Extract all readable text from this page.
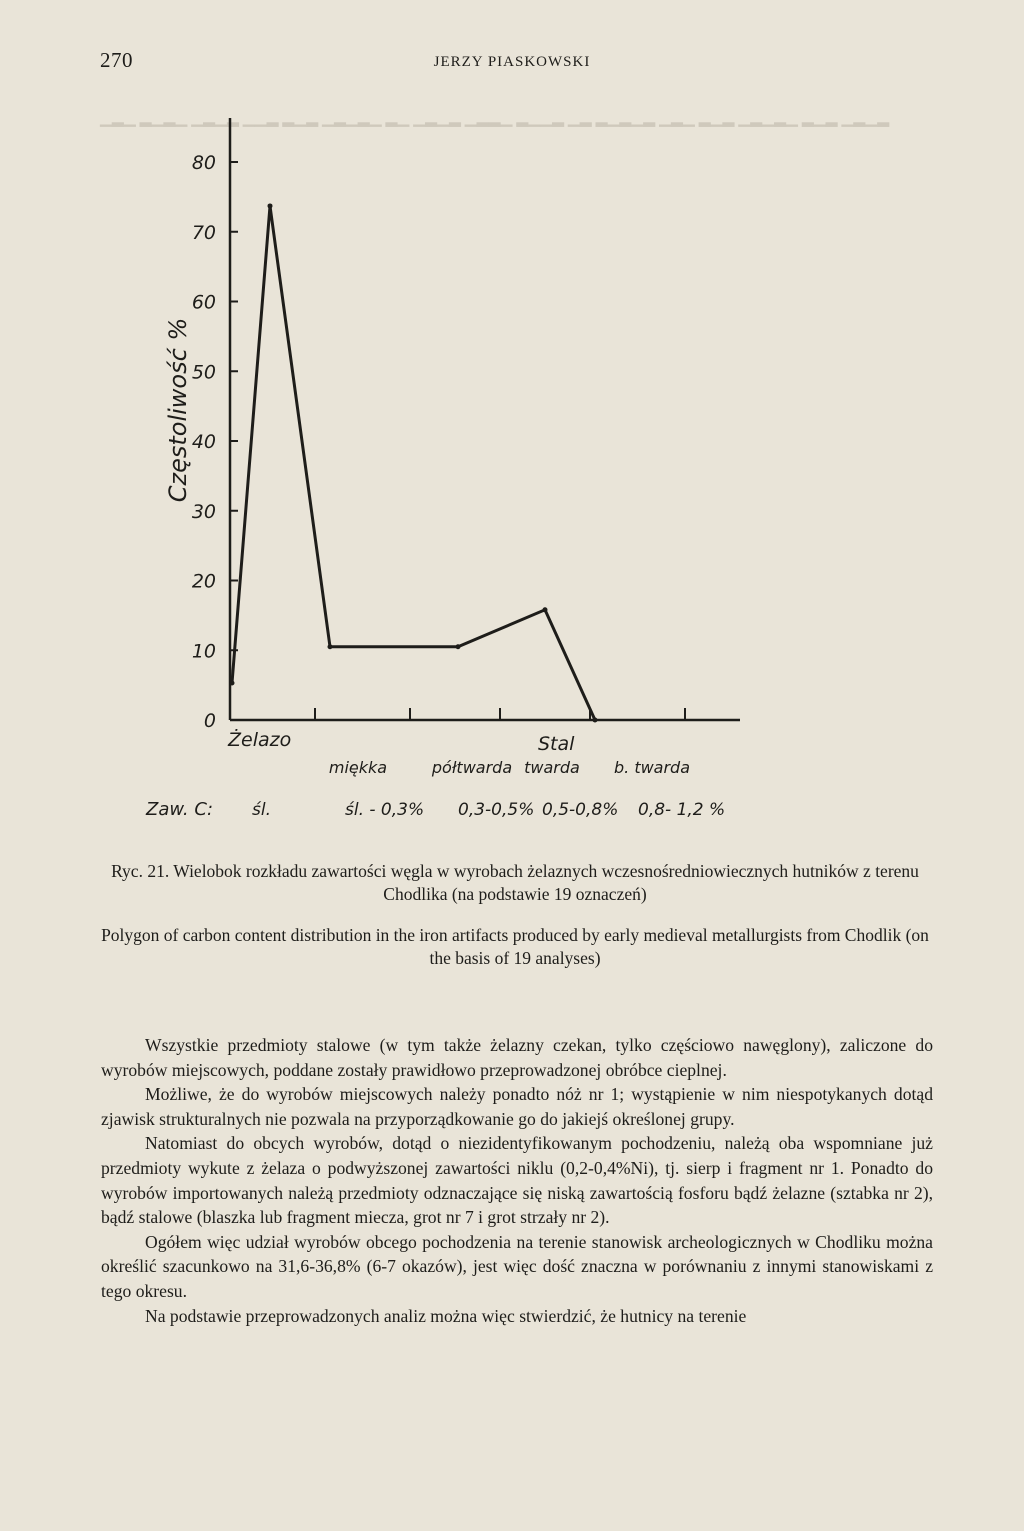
270	JERZY PIASKOWSKI

▁▂▁ ▂▁▂▁ ▁▂▁▂ ▁▁▂ ▂▁▂ ▁▂▁▂▁ ▂▁ ▁▂▁▂ ▁▂▂▁ ▂▁▁▂ ▁▂ ▂▁▂▁▂ ▁▂▁ ▂▁▂ ▁▂▁▂▁ ▂▁▂ ▁▂▁▂

80
70
60
50
40
30
20
10
0
Częstoliwość %
Żelazo	Stal
miękka	półtwarda twarda b. twarda
Zaw. C: śl.	śl. - 0,3% 0,3-0,5% 0,5-0,8% 0,8- 1,2 %

Ryc. 21. Wielobok rozkładu zawartości węgla w wyrobach żelaznych wczesnośredniowiecznych hutników z terenu Chodlika (na podstawie 19 oznaczeń)

Polygon of carbon content distribution in the iron artifacts produced by early medieval metallurgists from Chodlik (on the basis of 19 analyses)

Wszystkie przedmioty stalowe (w tym także żelazny czekan, tylko częściowo nawęglony), zaliczone do wyrobów miejscowych, poddane zostały prawidłowo przeprowadzonej obróbce cieplnej.

Możliwe, że do wyrobów miejscowych należy ponadto nóż nr 1; wystąpienie w nim niespotykanych dotąd zjawisk strukturalnych nie pozwala na przyporządkowanie go do jakiejś określonej grupy.

Natomiast do obcych wyrobów, dotąd o niezidentyfikowanym pochodzeniu, należą oba wspomniane już przedmioty wykute z żelaza o podwyższonej zawartości niklu (0,2-0,4%Ni), tj. sierp i fragment nr 1. Ponadto do wyrobów importowanych należą przedmioty odznaczające się niską zawartością fosforu bądź żelazne (sztabka nr 2), bądź stalowe (blaszka lub fragment miecza, grot nr 7 i grot strzały nr 2).

Ogółem więc udział wyrobów obcego pochodzenia na terenie stanowisk archeologicznych w Chodliku można określić szacunkowo na 31,6-36,8% (6-7 okazów), jest więc dość znaczna w porównaniu z innymi stanowiskami z tego okresu.

Na podstawie przeprowadzonych analiz można więc stwierdzić, że hutnicy na terenie
